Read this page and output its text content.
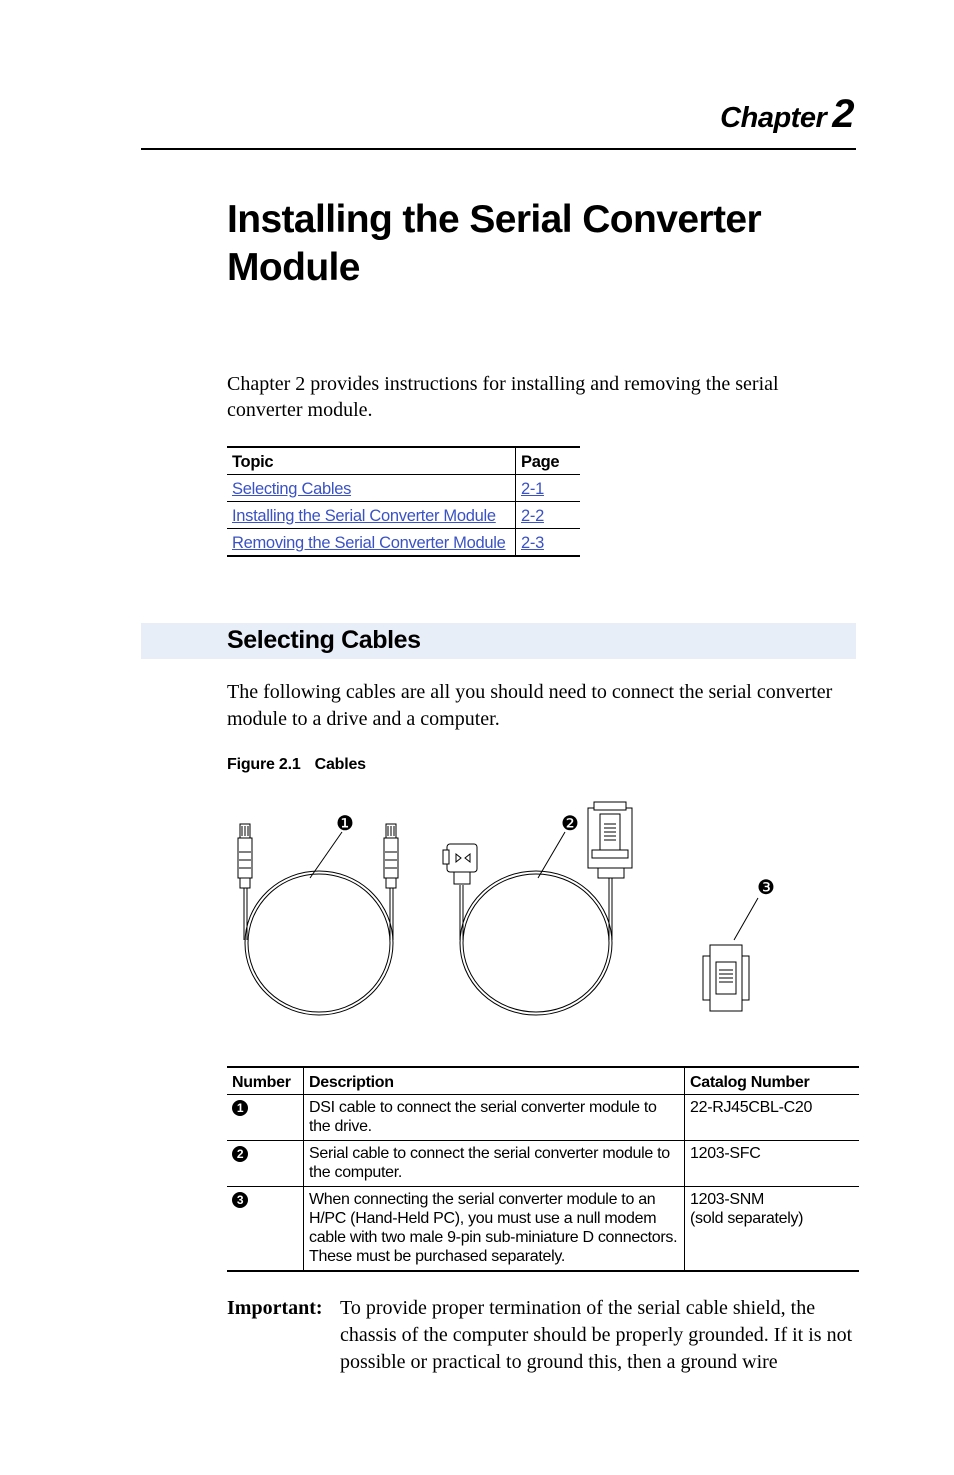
Chapter 2
Installing the Serial Converter Module

Chapter 2 provides instructions for installing and removing the serial converter module.

Topic	Page
Selecting Cables	2-1
Installing the Serial Converter Module	2-2
Removing the Serial Converter Module	2-3
Selecting Cables

The following cables are all you should need to connect the serial converter module to a drive and a computer.

Figure 2.1 Cables
❶	❷
❸
Number	Description	Catalog Number
1	DSI cable to connect the serial converter module to the drive.	22-RJ45CBL-C20

2	Serial cable to connect the serial converter module to the computer.	1203-SFC

3	When connecting the serial converter module to an H/PC (Hand-Held PC), you must use a null modem cable with two male 9-pin sub-miniature D connectors. These must be purchased separately.	1203-SNM
(sold separately)
Important: To provide proper termination of the serial cable shield, the chassis of the computer should be properly grounded. If it is not possible or practical to ground this, then a ground wire
